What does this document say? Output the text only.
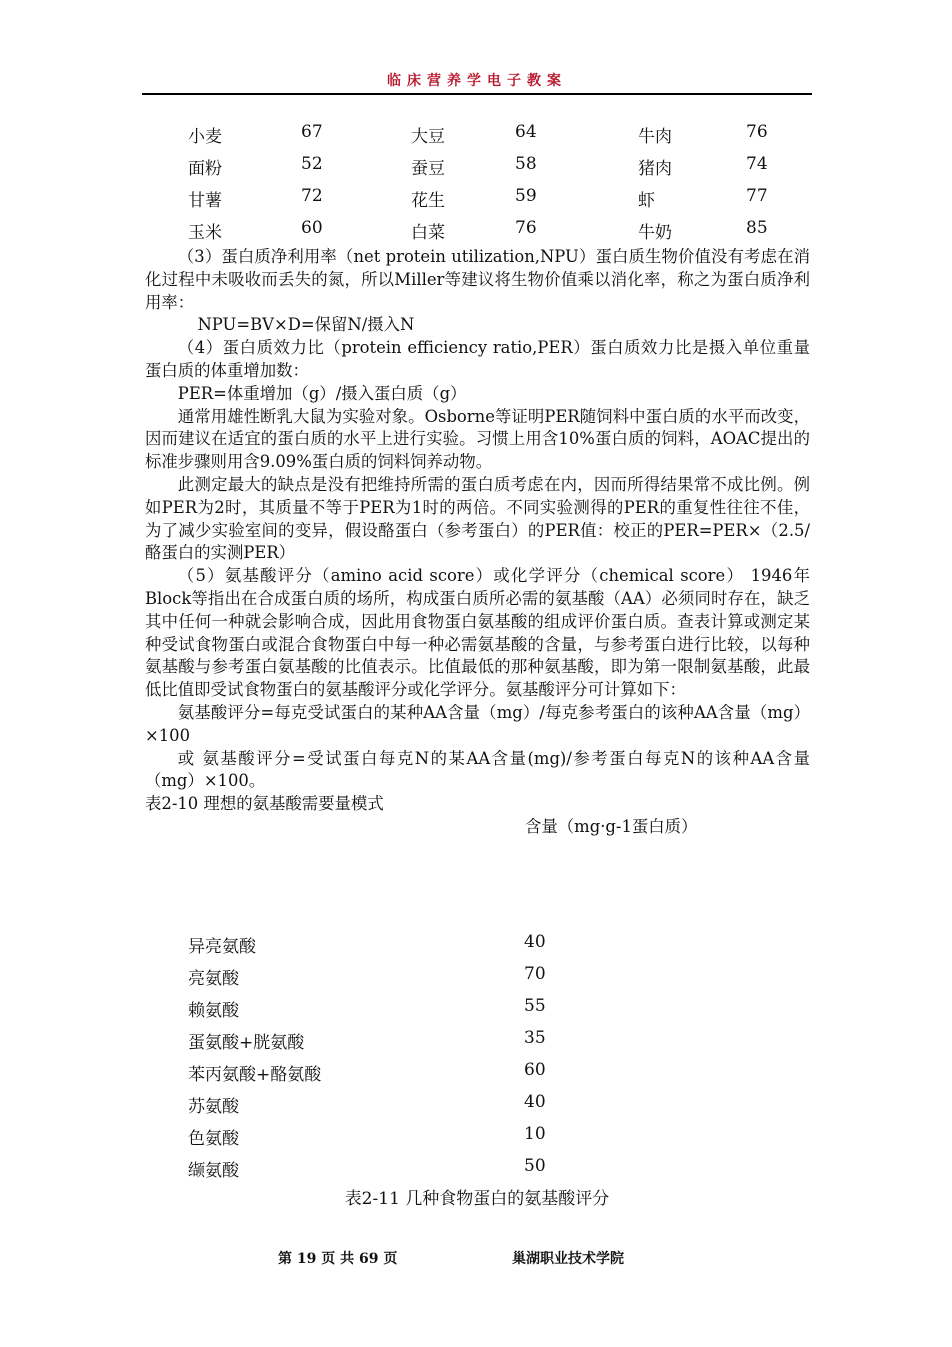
临床营养学电子教案
小麦	67	大豆	64	牛肉	76
面粉	52	蚕豆	58	猪肉	74
甘薯	72	花生	59	虾	77
玉米	60	白菜	76	牛奶	85

（3）蛋白质净利用率（net protein utilization,NPU）蛋白质生物价值没有考虑在消化过程中未吸收而丢失的氮，所以Miller等建议将生物价值乘以消化率，称之为蛋白质净利用率：

NPU=BV×D=保留N/摄入N

（4）蛋白质效力比（protein efficiency ratio,PER）蛋白质效力比是摄入单位重量蛋白质的体重增加数：

PER=体重增加（g）/摄入蛋白质（g）

通常用雄性断乳大鼠为实验对象。Osborne等证明PER随饲料中蛋白质的水平而改变，因而建议在适宜的蛋白质的水平上进行实验。习惯上用含10%蛋白质的饲料，AOAC提出的标准步骤则用含9.09%蛋白质的饲料饲养动物。

此测定最大的缺点是没有把维持所需的蛋白质考虑在内，因而所得结果常不成比例。例如PER为2时，其质量不等于PER为1时的两倍。不同实验测得的PER的重复性往往不佳，为了减少实验室间的变异，假设酪蛋白（参考蛋白）的PER值：校正的PER=PER×（2.5/酪蛋白的实测PER）

（5）氨基酸评分（amino acid score）或化学评分（chemical score） 1946年Block等指出在合成蛋白质的场所，构成蛋白质所必需的氨基酸（AA）必须同时存在，缺乏其中任何一种就会影响合成，因此用食物蛋白氨基酸的组成评价蛋白质。查表计算或测定某种受试食物蛋白或混合食物蛋白中每一种必需氨基酸的含量，与参考蛋白进行比较，以每种氨基酸与参考蛋白氨基酸的比值表示。比值最低的那种氨基酸，即为第一限制氨基酸，此最低比值即受试食物蛋白的氨基酸评分或化学评分。氨基酸评分可计算如下：

氨基酸评分=每克受试蛋白的某种AA含量（mg）/每克参考蛋白的该种AA含量（mg）×100

或 氨基酸评分=受试蛋白每克N的某AA含量(mg)/参考蛋白每克N的该种AA含量（mg）×100。

表2-10 理想的氨基酸需要量模式

含量（mg·g-1蛋白质）

异亮氨酸	40
亮氨酸	70
赖氨酸	55
蛋氨酸+胱氨酸	35
苯丙氨酸+酪氨酸	60
苏氨酸	40
色氨酸	10
缬氨酸	50
表2-11 几种食物蛋白的氨基酸评分
第 19 页 共 69 页	巢湖职业技术学院
